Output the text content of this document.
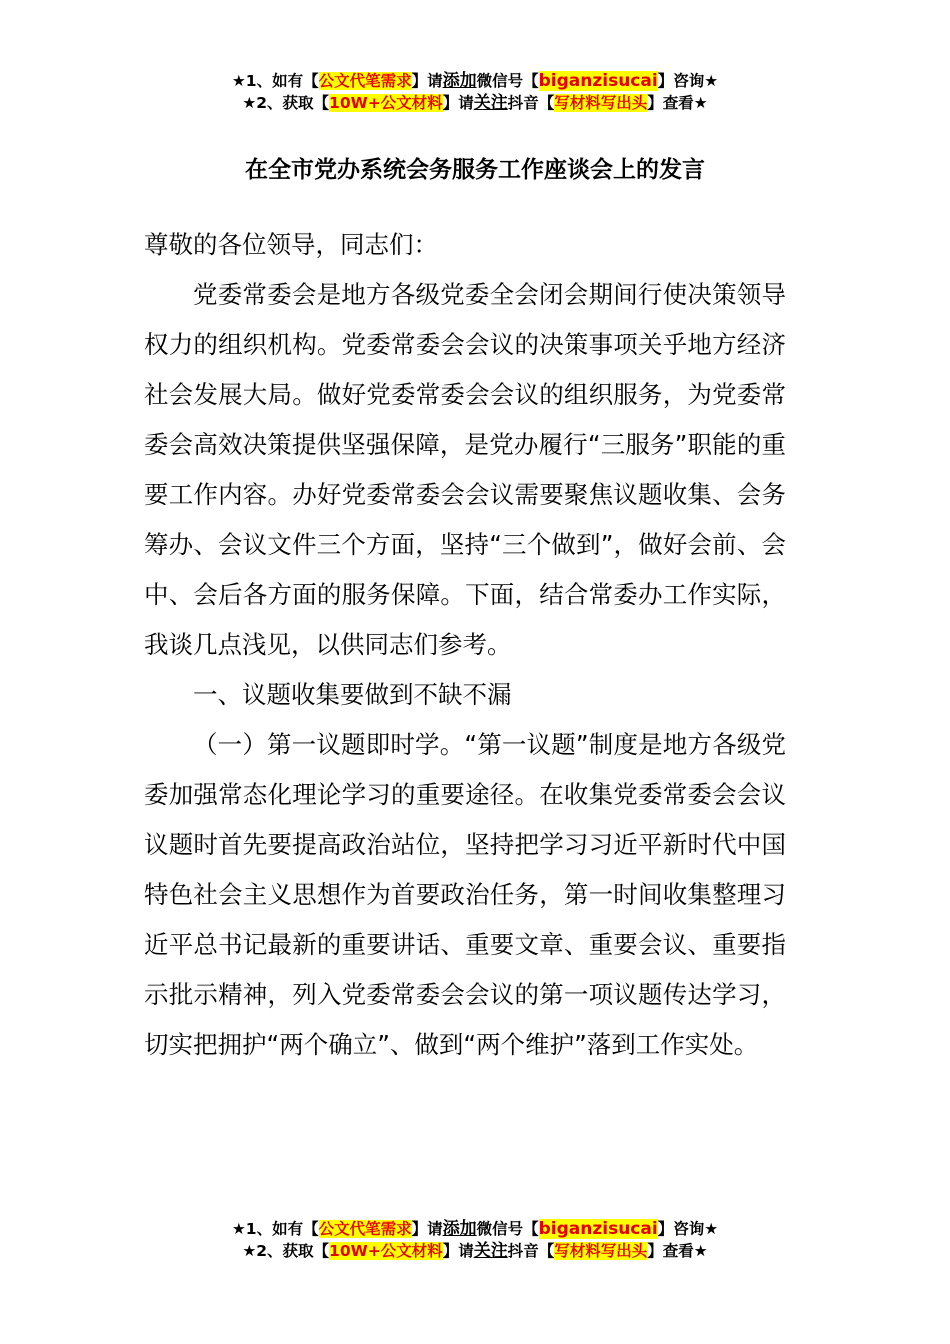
★1、如有【公文代笔需求】请添加微信号【biganzisucai】咨询★
★2、获取【10W+公文材料】请关注抖音【写材料写出头】查看★
在全市党办系统会务服务工作座谈会上的发言

尊敬的各位领导，同志们：

党委常委会是地方各级党委全会闭会期间行使决策领导权力的组织机构。党委常委会会议的决策事项关乎地方经济社会发展大局。做好党委常委会会议的组织服务，为党委常委会高效决策提供坚强保障，是党办履行“三服务”职能的重要工作内容。办好党委常委会会议需要聚焦议题收集、会务筹办、会议文件三个方面，坚持“三个做到”，做好会前、会中、会后各方面的服务保障。下面，结合常委办工作实际，我谈几点浅见，以供同志们参考。

一、议题收集要做到不缺不漏

（一）第一议题即时学。“第一议题”制度是地方各级党委加强常态化理论学习的重要途径。在收集党委常委会会议议题时首先要提高政治站位，坚持把学习习近平新时代中国特色社会主义思想作为首要政治任务，第一时间收集整理习近平总书记最新的重要讲话、重要文章、重要会议、重要指示批示精神，列入党委常委会会议的第一项议题传达学习，切实把拥护“两个确立”、做到“两个维护”落到工作实处。

★1、如有【公文代笔需求】请添加微信号【biganzisucai】咨询★
★2、获取【10W+公文材料】请关注抖音【写材料写出头】查看★
